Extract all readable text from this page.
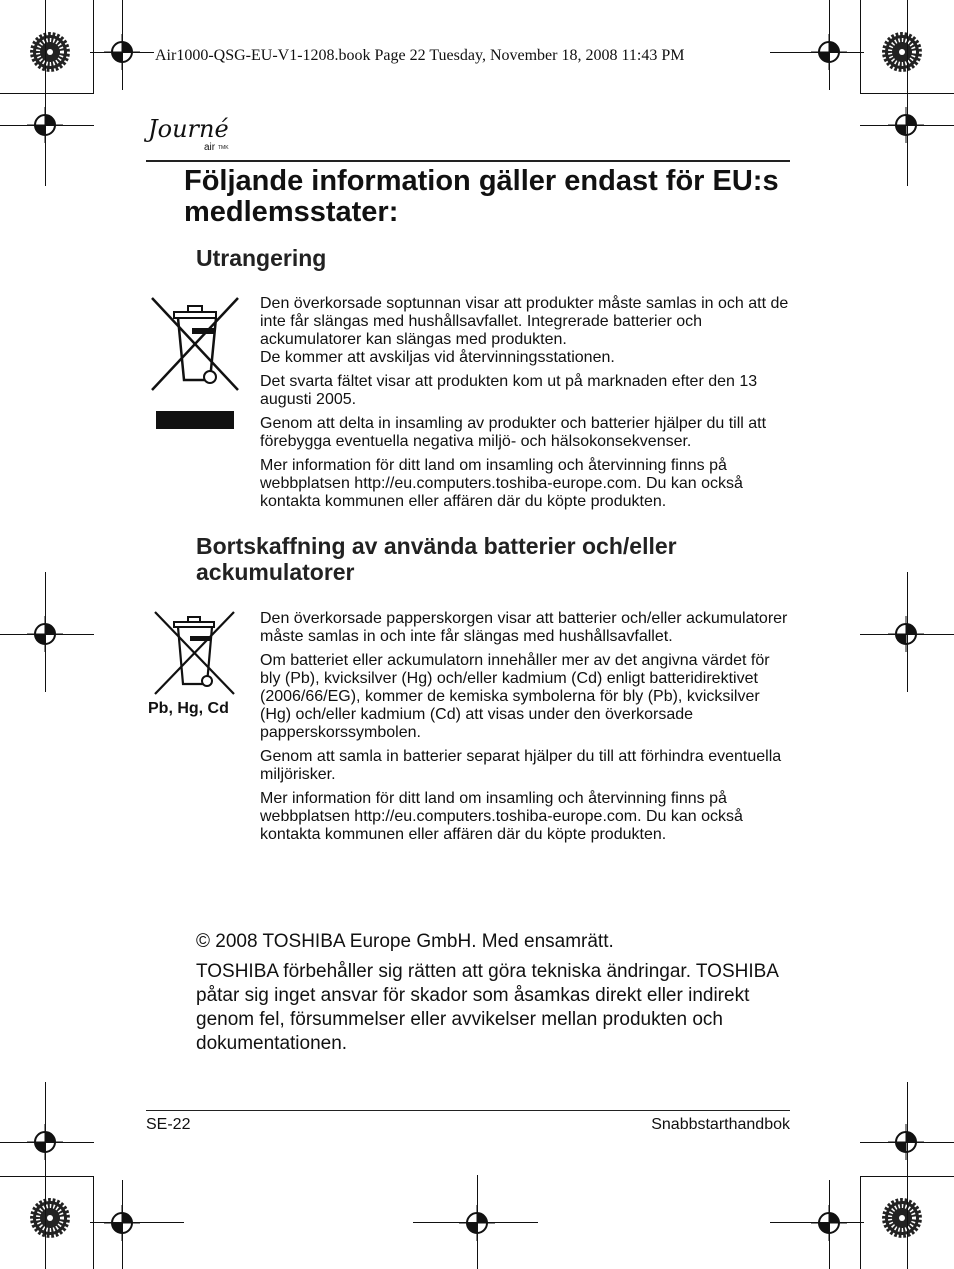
Air1000-QSG-EU-V1-1208.book Page 22 Tuesday, November 18, 2008 11:43 PM
Journé
air TMK
Följande information gäller endast för EU:s medlemsstater:
Utrangering

Den överkorsade soptunnan visar att produkter måste samlas in och att de inte får slängas med hushållsavfallet. Integrerade batterier och ackumulatorer kan slängas med produkten.

De kommer att avskiljas vid återvinningsstationen.

Det svarta fältet visar att produkten kom ut på marknaden efter den 13 augusti 2005.

Genom att delta in insamling av produkter och batterier hjälper du till att förebygga eventuella negativa miljö- och hälsokonsekvenser.

Mer information för ditt land om insamling och återvinning finns på webbplatsen http://eu.computers.toshiba-europe.com. Du kan också kontakta kommunen eller affären där du köpte produkten.

Bortskaffning av använda batterier och/eller ackumulatorer
Pb, Hg, Cd

Den överkorsade papperskorgen visar att batterier och/eller ackumulatorer måste samlas in och inte får slängas med hushållsavfallet.

Om batteriet eller ackumulatorn innehåller mer av det angivna värdet för bly (Pb), kvicksilver (Hg) och/eller kadmium (Cd) enligt batteridirektivet (2006/66/EG), kommer de kemiska symbolerna för bly (Pb), kvicksilver (Hg) och/eller kadmium (Cd) att visas under den överkorsade papperskorssymbolen.

Genom att samla in batterier separat hjälper du till att förhindra eventuella miljörisker.

Mer information för ditt land om insamling och återvinning finns på webbplatsen http://eu.computers.toshiba-europe.com. Du kan också kontakta kommunen eller affären där du köpte produkten.

© 2008 TOSHIBA Europe GmbH. Med ensamrätt.

TOSHIBA förbehåller sig rätten att göra tekniska ändringar. TOSHIBA påtar sig inget ansvar för skador som åsamkas direkt eller indirekt genom fel, försummelser eller avvikelser mellan produkten och dokumentationen.

SE-22	Snabbstarthandbok
